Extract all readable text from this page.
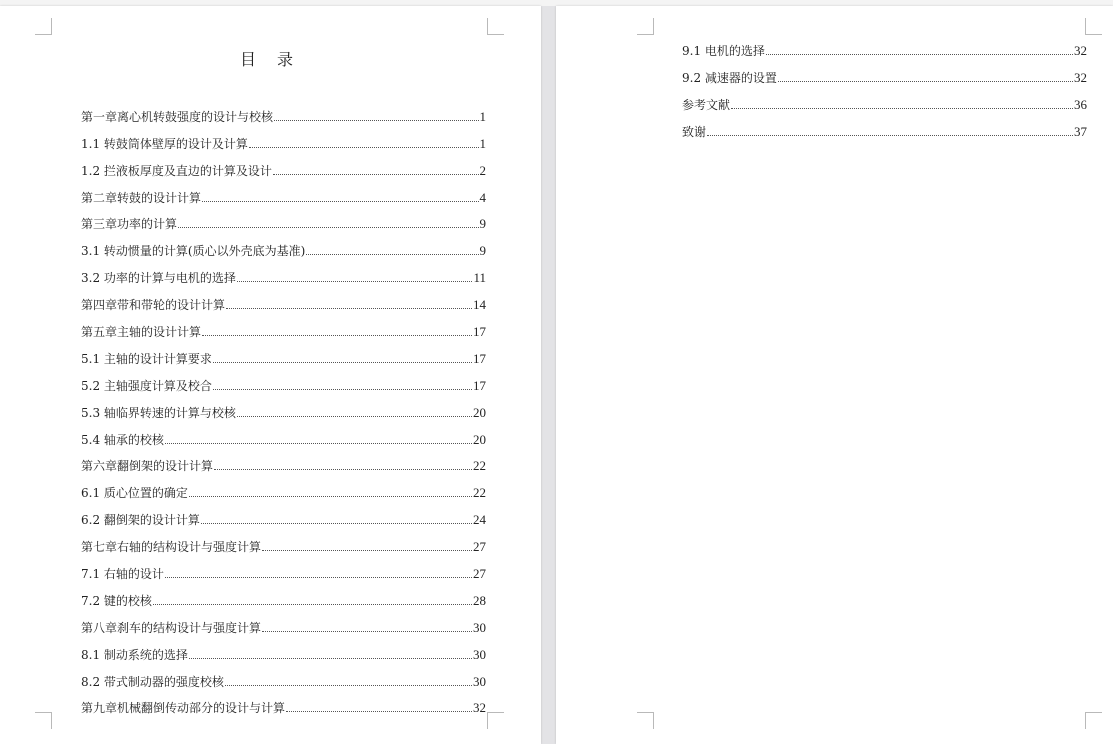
目 录
第一章离心机转鼓强度的设计与校核	1
1.1 转鼓筒体壁厚的设计及计算	1
1.2 拦液板厚度及直边的计算及设计	2
第二章转鼓的设计计算	4
第三章功率的计算	9
3.1 转动惯量的计算(质心以外壳底为基准)	9
3.2 功率的计算与电机的选择	11
第四章带和带轮的设计计算	14
第五章主轴的设计计算	17
5.1 主轴的设计计算要求	17
5.2 主轴强度计算及校合	17
5.3 轴临界转速的计算与校核	20
5.4 轴承的校核	20
第六章翻倒架的设计计算	22
6.1 质心位置的确定	22
6.2 翻倒架的设计计算	24
第七章右轴的结构设计与强度计算	27
7.1 右轴的设计	27
7.2 键的校核	28
第八章刹车的结构设计与强度计算	30
8.1 制动系统的选择	30
8.2 带式制动器的强度校核	30
第九章机械翻倒传动部分的设计与计算	32
9.1 电机的选择	32
9.2 减速器的设置	32
参考文献	36
致谢	37
